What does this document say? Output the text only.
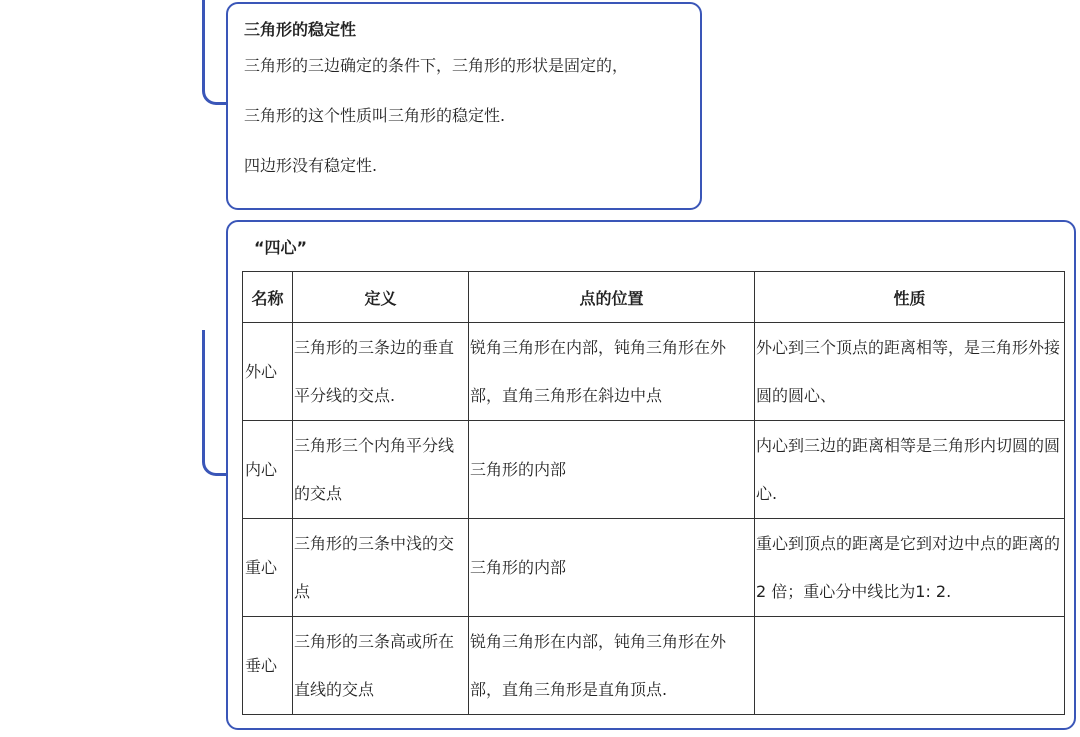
三角形的稳定性
三角形的三边确定的条件下，三角形的形状是固定的，
三角形的这个性质叫三角形的稳定性.
四边形没有稳定性.
“四心”
名称	定义	点的位置	性质
外心	三角形的三条边的垂直平分线的交点.	锐角三角形在内部，钝角三角形在外部，直角三角形在斜边中点	外心到三个顶点的距离相等，是三角形外接圆的圆心、
内心	三角形三个内角平分线的交点	三角形的内部	内心到三边的距离相等是三角形内切圆的圆心.
重心	三角形的三条中浅的交点	三角形的内部	重心到顶点的距离是它到对边中点的距离的 2 倍；重心分中线比为1: 2.
垂心	三角形的三条高或所在直线的交点	锐角三角形在内部，钝角三角形在外部，直角三角形是直角顶点.	
